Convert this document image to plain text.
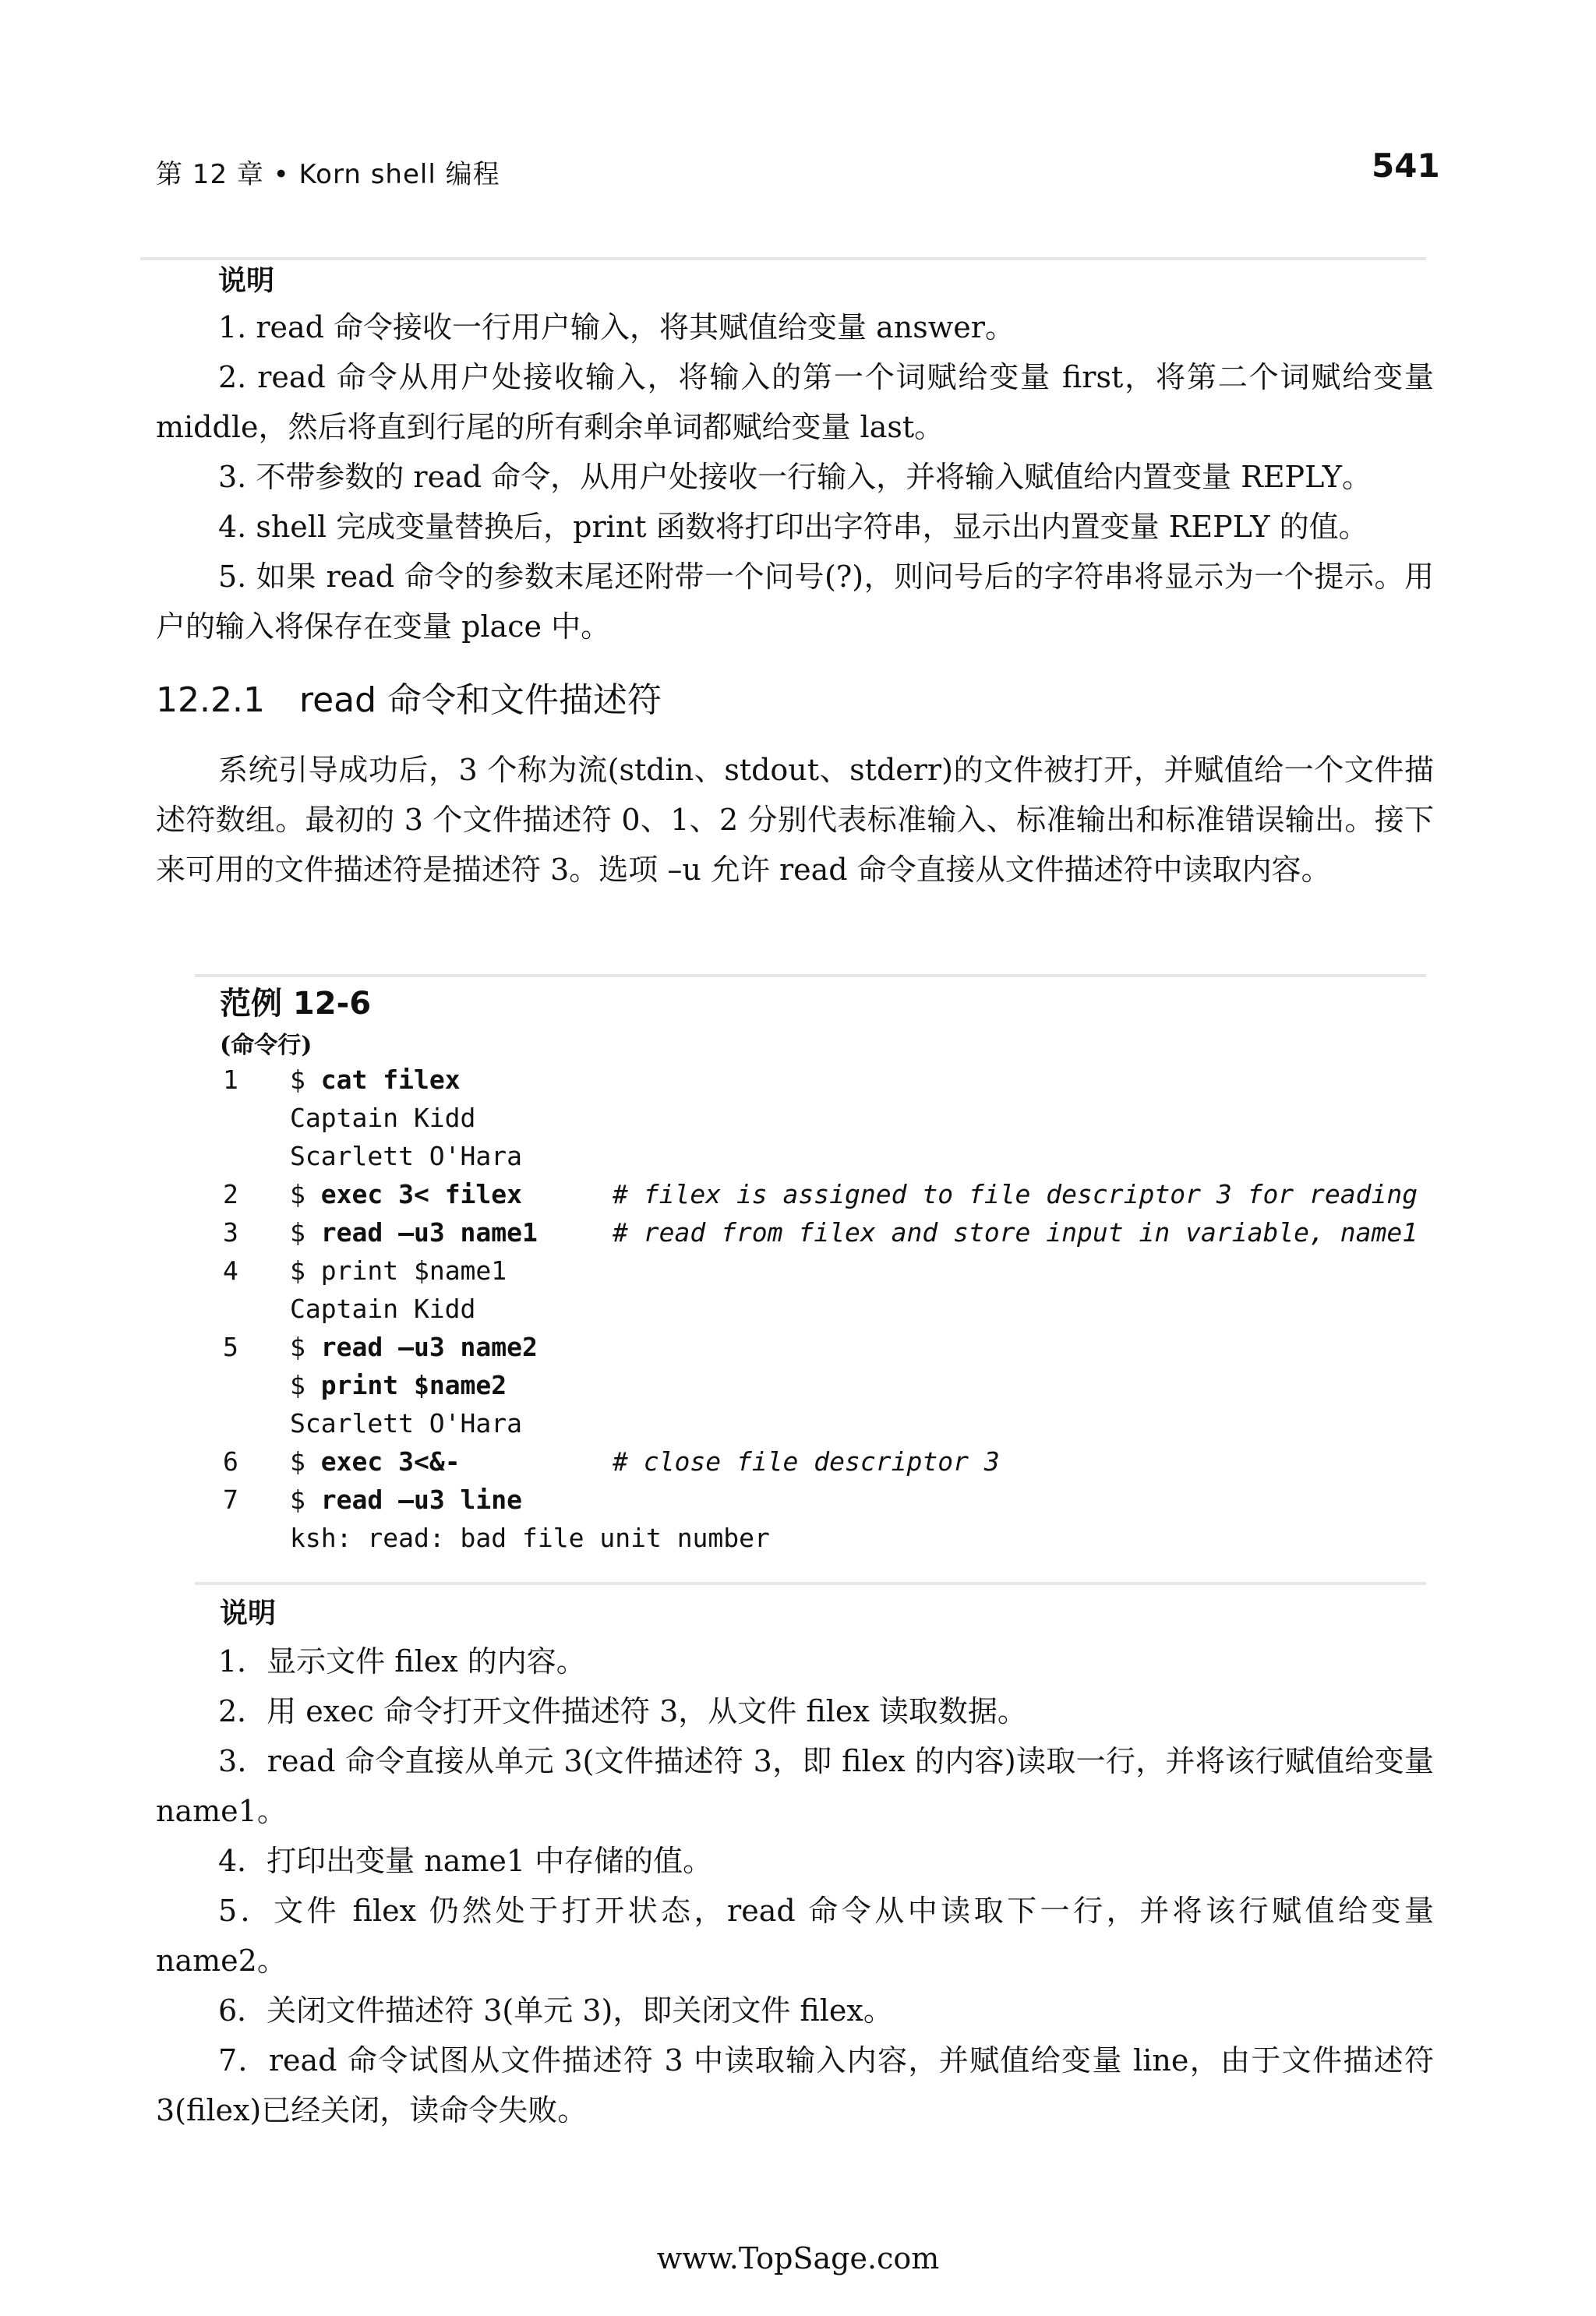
第 12 章 • Korn shell 编程	541
说明

1. read 命令接收一行用户输入，将其赋值给变量 answer。

2. read 命令从用户处接收输入，将输入的第一个词赋给变量 first，将第二个词赋给变量 middle，然后将直到行尾的所有剩余单词都赋给变量 last。

3. 不带参数的 read 命令，从用户处接收一行输入，并将输入赋值给内置变量 REPLY。

4. shell 完成变量替换后，print 函数将打印出字符串，显示出内置变量 REPLY 的值。

5. 如果 read 命令的参数末尾还附带一个问号(?)，则问号后的字符串将显示为一个提示。用户的输入将保存在变量 place 中。

12.2.1　read 命令和文件描述符

系统引导成功后，3 个称为流(stdin、stdout、stderr)的文件被打开，并赋值给一个文件描述符数组。最初的 3 个文件描述符 0、1、2 分别代表标准输入、标准输出和标准错误输出。接下来可用的文件描述符是描述符 3。选项 –u 允许 read 命令直接从文件描述符中读取内容。

范例 12-6
(命令行)
1 $ cat filex
Captain Kidd
Scarlett O'Hara
2 $ exec 3< filex	# filex is assigned to file descriptor 3 for reading
3 $ read –u3 name1	# read from filex and store input in variable, name1
4 $ print $name1
Captain Kidd
5 $ read –u3 name2
$ print $name2
Scarlett O'Hara
6 $ exec 3<&-	# close file descriptor 3
7 $ read –u3 line
ksh: read: bad file unit number
说明

1．显示文件 filex 的内容。

2．用 exec 命令打开文件描述符 3，从文件 filex 读取数据。

3．read 命令直接从单元 3(文件描述符 3，即 filex 的内容)读取一行，并将该行赋值给变量 name1。

4．打印出变量 name1 中存储的值。

5．文件 filex 仍然处于打开状态，read 命令从中读取下一行，并将该行赋值给变量 name2。

6．关闭文件描述符 3(单元 3)，即关闭文件 filex。

7．read 命令试图从文件描述符 3 中读取输入内容，并赋值给变量 line，由于文件描述符 3(filex)已经关闭，读命令失败。

www.TopSage.com
